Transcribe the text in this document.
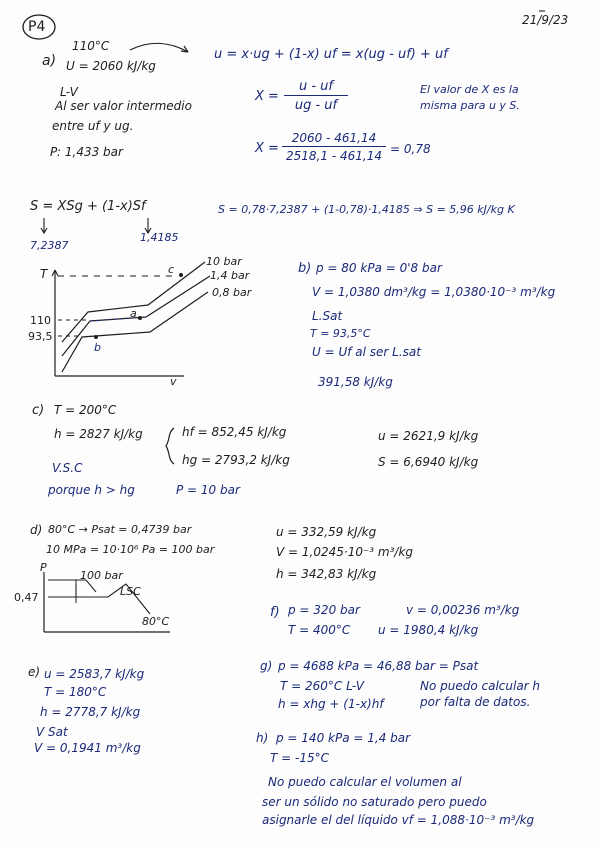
P4	21/9/23
a)
110°C
U = 2060 kJ/kg
L-V
Al ser valor intermedio
entre uf y ug.
P: 1,433 bar
u = x·ug + (1-x) uf = x(ug - uf) + uf
$X = \frac{u - uf}{ug - uf}$	El valor de X es la
misma para u y S.
$X = \frac{2060 - 461,14}{2518,1 - 461,14} = 0,78$
S = XSg + (1-x)Sf
7,2387
1,4185
S = 0,78·7,2387 + (1-0,78)·1,4185 ⇒ S = 5,96 kJ/kg K
T
v
110
93,5
10 bar
1,4 bar
0,8 bar
c
a
b
b) p = 80 kPa = 0'8 bar
V = 1,0380 dm³/kg = 1,0380·10⁻³ m³/kg
L.Sat
T = 93,5°C
U = Uf al ser L.sat
391,58 kJ/kg
c) T = 200°C
h = 2827 kJ/kg	hf = 852,45 kJ/kg
hg = 2793,2 kJ/kg
V.S.C
porque h > hg	P = 10 bar
u = 2621,9 kJ/kg
S = 6,6940 kJ/kg
d) 80°C → Psat = 0,4739 bar
10 MPa = 10·10⁶ Pa = 100 bar
u = 332,59 kJ/kg
V = 1,0245·10⁻³ m³/kg
h = 342,83 kJ/kg
P
0,47
100 bar
LSC
80°C
e) u = 2583,7 kJ/kg
T = 180°C
h = 2778,7 kJ/kg
V Sat
V = 0,1941 m³/kg
f) p = 320 bar	v = 0,00236 m³/kg
T = 400°C u = 1980,4 kJ/kg
g) p = 4688 kPa = 46,88 bar = Psat
T = 260°C L-V
h = xhg + (1-x)hf
No puedo calcular h
por falta de datos.
h) p = 140 kPa = 1,4 bar
T = -15°C
No puedo calcular el volumen al
ser un sólido no saturado pero puedo
asignarle el del líquido vf = 1,088·10⁻³ m³/kg
